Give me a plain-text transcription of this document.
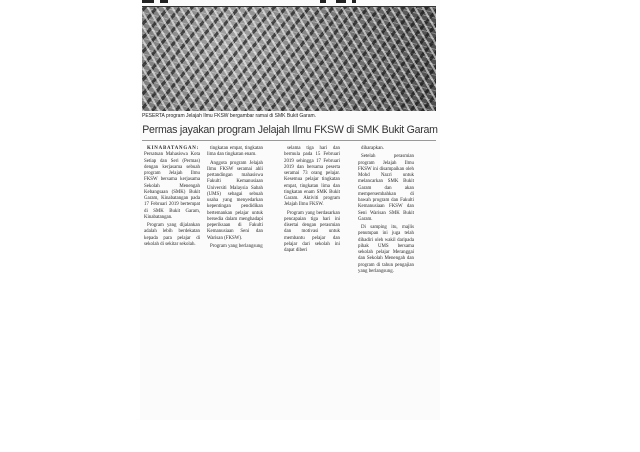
PESERTA program Jelajah Ilmu FKSW bergambar ramai di SMK Bukit Garam.
Permas jayakan program Jelajah Ilmu FKSW di SMK Bukit Garam

KINABATANGAN: Persatuan Mahasiswa Kota Setiap dan Seri (Permas) dengan kerjasama sebuah program Jelajah Ilmu FKSW bersama kerjasama Sekolah Menengah Kebangsaan (SMK) Bukit Garam, Kinabatangan pada 17 Februari 2019 bertempat di SMK Bukit Garam, Kinabatangan.

Program yang dijalankan adalah lebih berdekatan kepada para pelajar di sekolah di sekitar sekolah.

tingkatan empat, tingkatan lima dan tingkatan enam.

Anggota program Jelajah Ilmu FKSW seramai ahli pertandingan mahasiswa Fakulti Kemanusiaan Universiti Malaysia Sabah (UMS) sebagai sebuah usaha yang menyedarkan kepentingan pendidikan bertemankan pelajar untuk bersedia dalam menghadapi peperiksaan di Fakulti Kemanusiaan Seni dan Warisan (FKSW).

Program yang berlangsung

selama tiga hari dan bermula pada 15 Februari 2019 sehingga 17 Februari 2019 dan bersama peserta seramai 73 orang pelajar. Kesemua pelajar tingkatan empat, tingkatan lima dan tingkatan enam SMK Bukit Garam. Aktiviti program Jelajah Ilmu FKSW.

Program yang berdasarkan pencapaian tiga hari ini disertai dengan perasmian dan motivasi untuk membantu pelajar dan pelajar dari sekolah ini dapat diberi

diharapkan.

Setelah perasmian program Jelajah Ilmu FKSW ini disampaikan oleh Mohd Nazri untuk melancarkan SMK Bukit Garam dan akan mempersembahkan di bawah program dan Fakulti Kemanusiaan FKSW dan Seni Warisan SMK Bukit Garam.

Di samping itu, majlis penutupan ini juga telah dihadiri oleh wakil daripada pihak UMS bersama sekolah pelajar Meranggai dan Sekolah Menengah dan program di tahun pengajian yang berlangsung.
